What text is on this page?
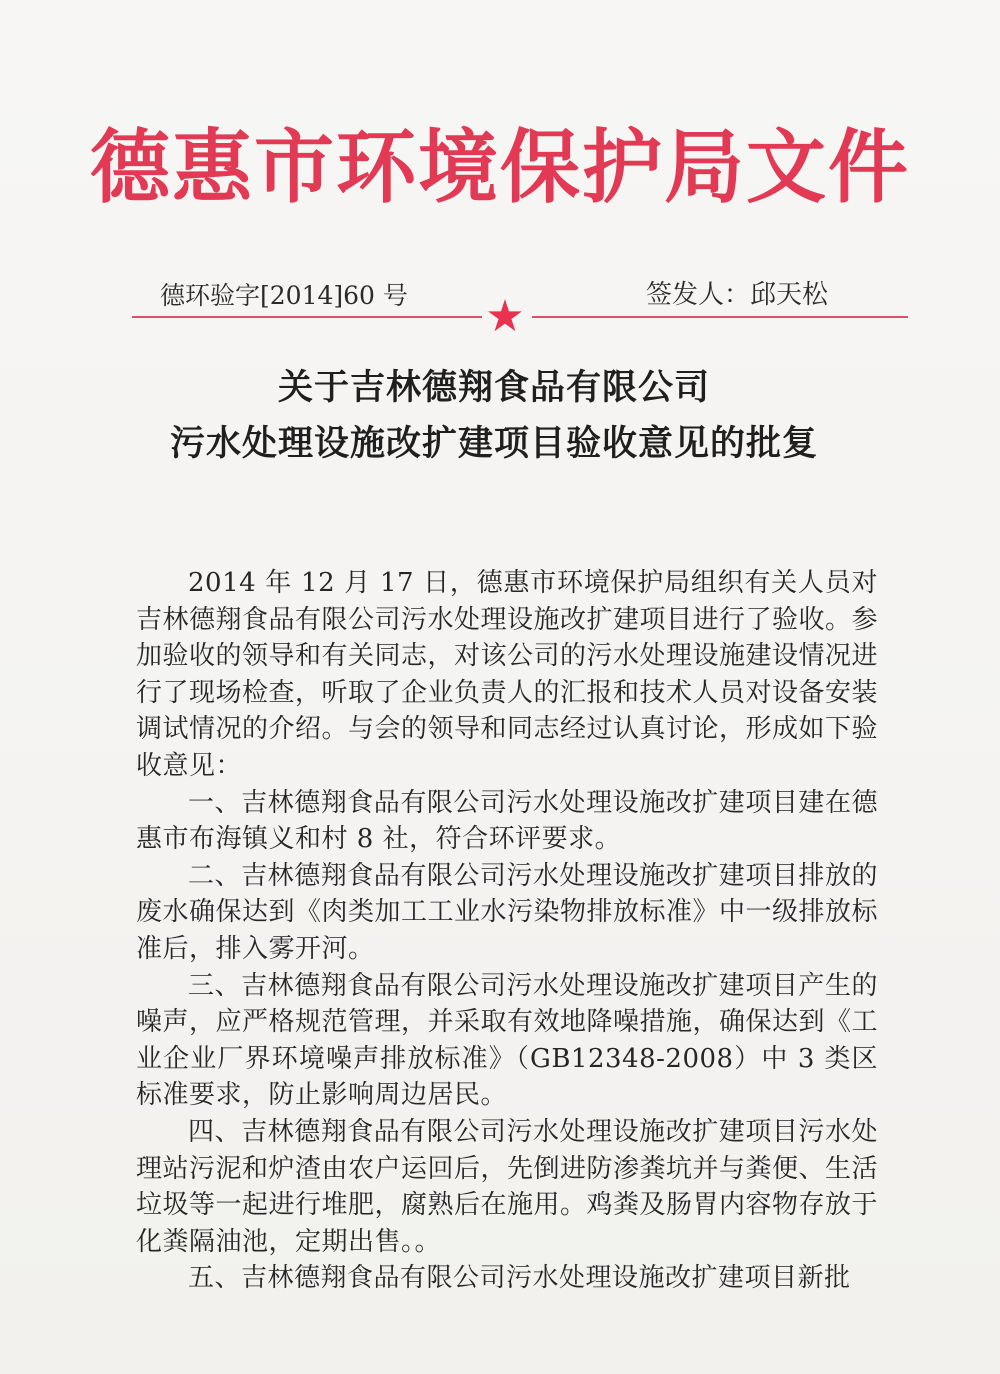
德惠市环境保护局文件
德环验字[2014]60 号	签发人：邱天松
★
关于吉林德翔食品有限公司
污水处理设施改扩建项目验收意见的批复

2014 年 12 月 17 日，德惠市环境保护局组织有关人员对吉林德翔食品有限公司污水处理设施改扩建项目进行了验收。参加验收的领导和有关同志，对该公司的污水处理设施建设情况进行了现场检查，听取了企业负责人的汇报和技术人员对设备安装调试情况的介绍。与会的领导和同志经过认真讨论，形成如下验收意见：

一、吉林德翔食品有限公司污水处理设施改扩建项目建在德惠市布海镇义和村 8 社，符合环评要求。

二、吉林德翔食品有限公司污水处理设施改扩建项目排放的废水确保达到《肉类加工工业水污染物排放标准》中一级排放标准后，排入雾开河。

三、吉林德翔食品有限公司污水处理设施改扩建项目产生的噪声，应严格规范管理，并采取有效地降噪措施，确保达到《工业企业厂界环境噪声排放标准》（GB12348-2008）中 3 类区标准要求，防止影响周边居民。

四、吉林德翔食品有限公司污水处理设施改扩建项目污水处理站污泥和炉渣由农户运回后，先倒进防渗粪坑并与粪便、生活垃圾等一起进行堆肥，腐熟后在施用。鸡粪及肠胃内容物存放于化粪隔油池，定期出售。。

五、吉林德翔食品有限公司污水处理设施改扩建项目新批
